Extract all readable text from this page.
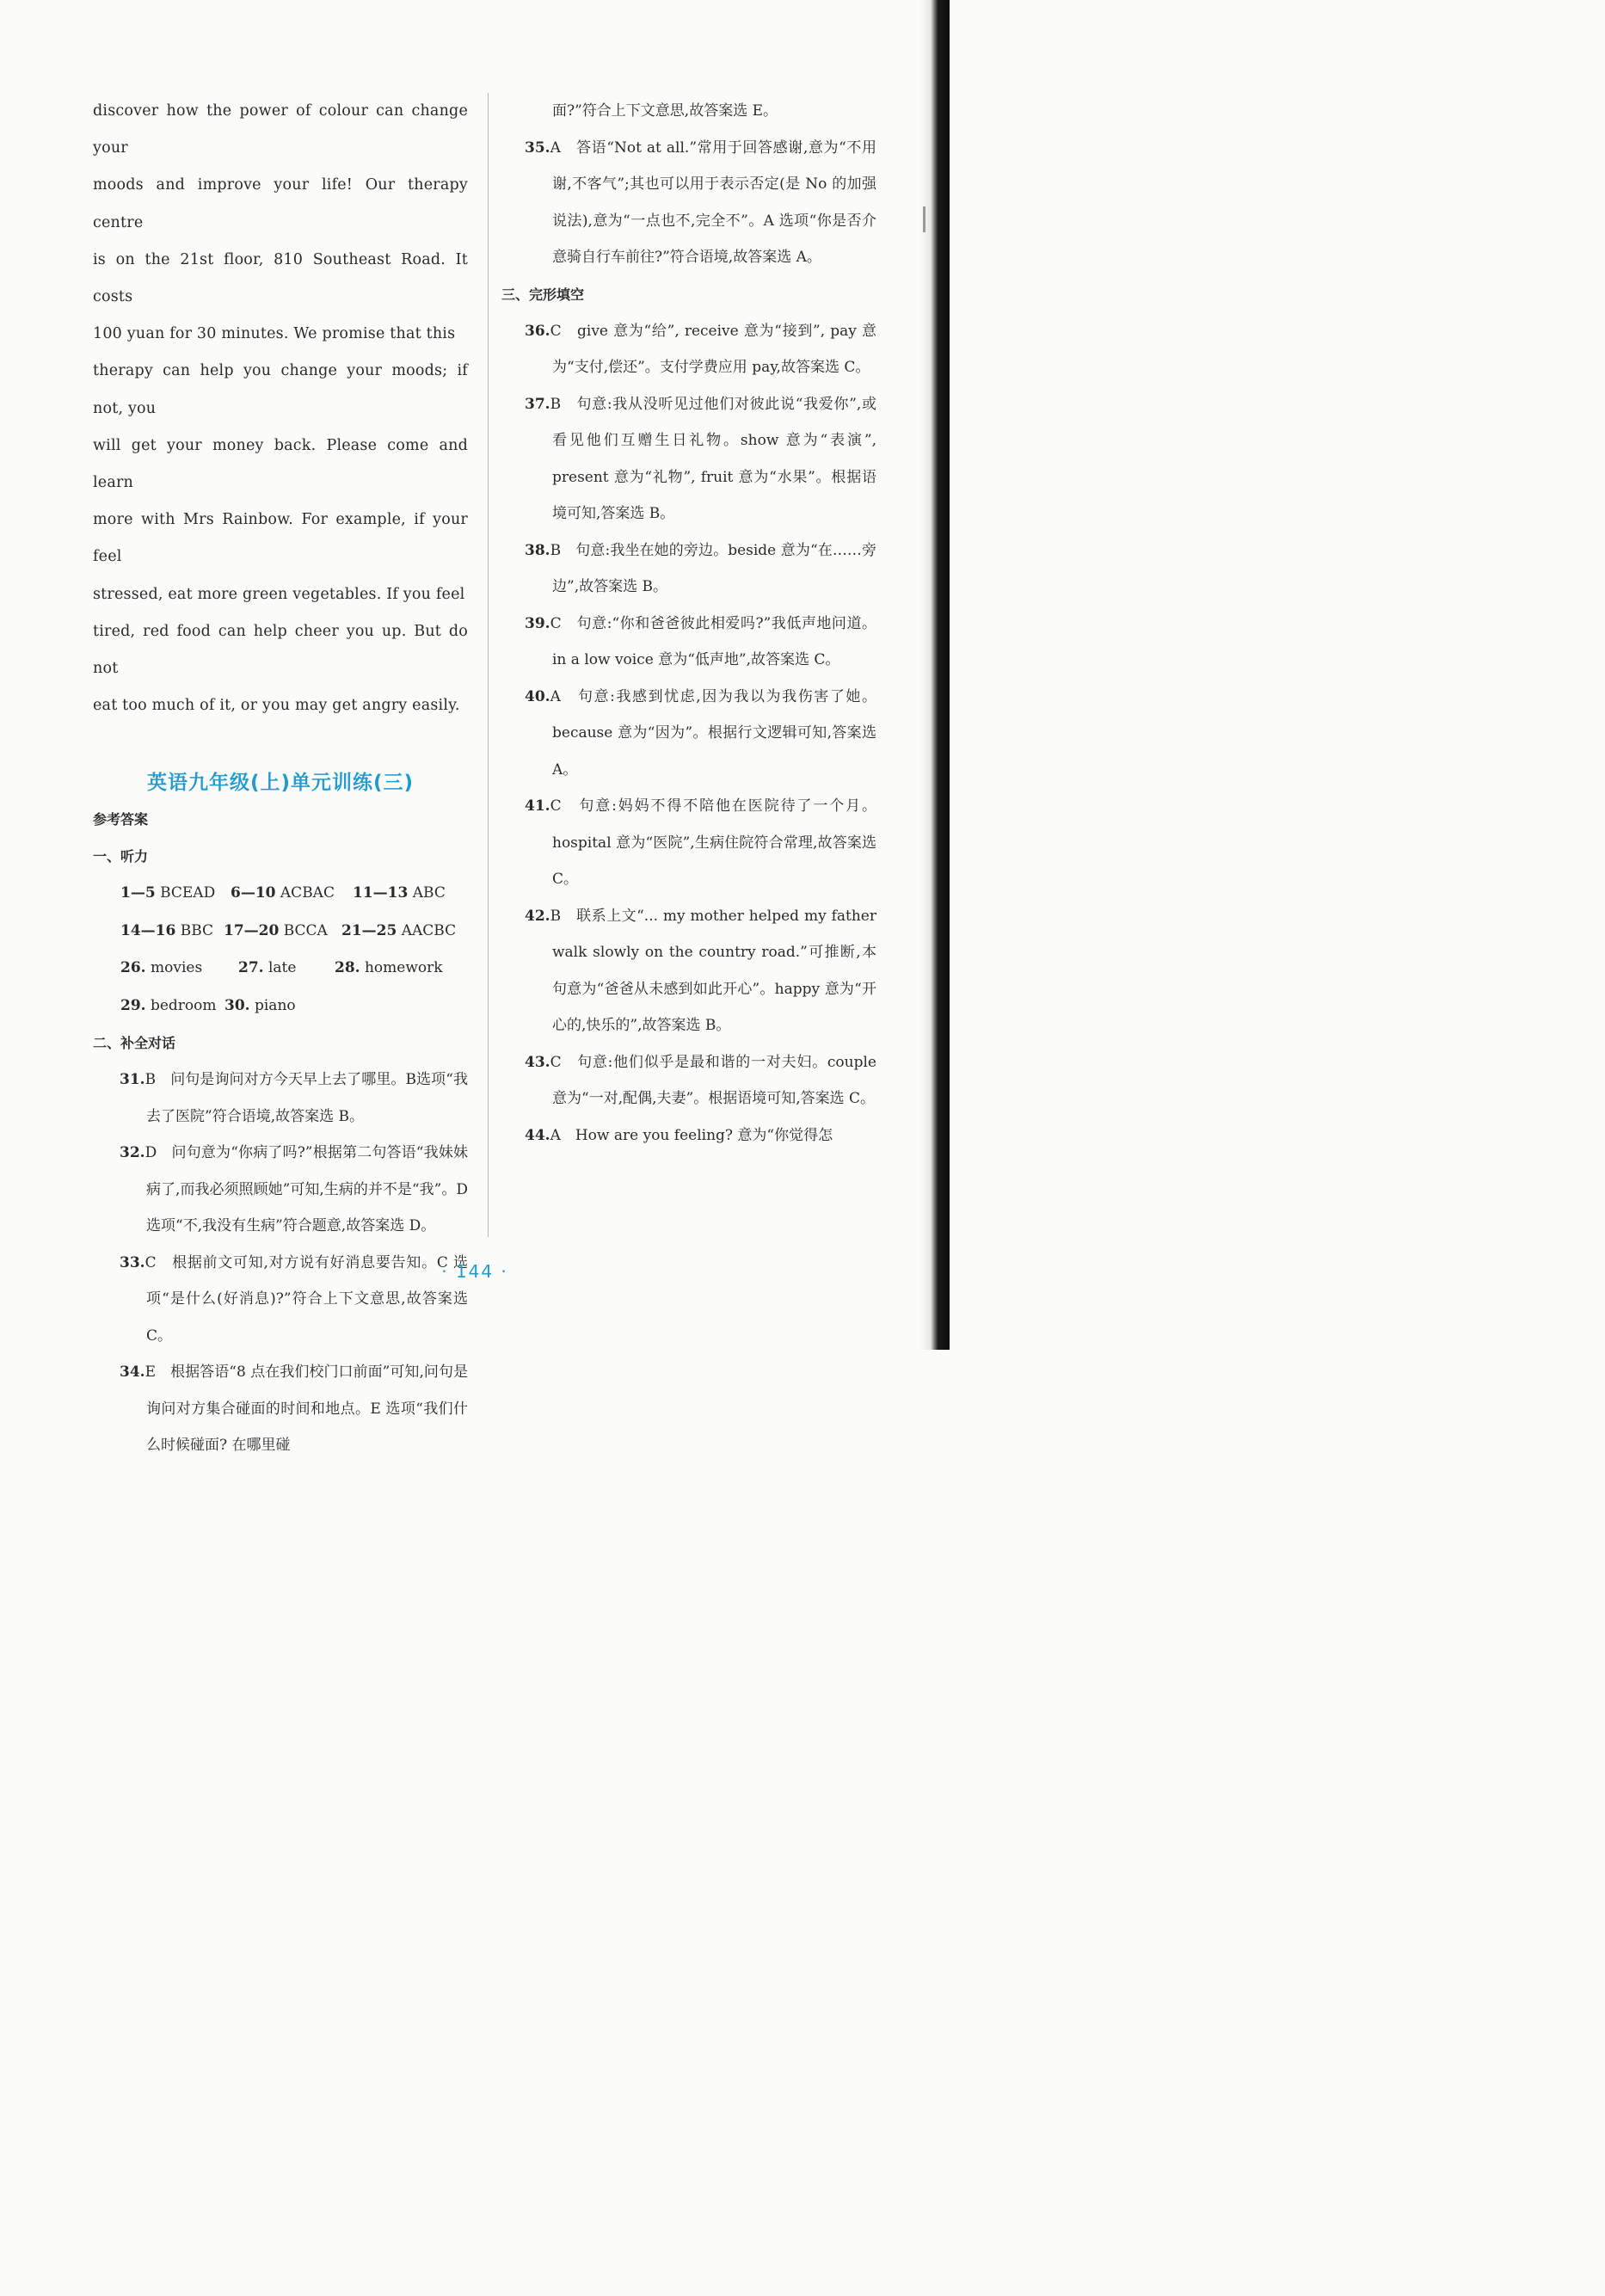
discover how the power of colour can change your

moods and improve your life! Our therapy centre

is on the 21st floor, 810 Southeast Road. It costs

100 yuan for 30 minutes. We promise that this

therapy can help you change your moods; if not, you

will get your money back. Please come and learn

more with Mrs Rainbow. For example, if your feel

stressed, eat more green vegetables. If you feel

tired, red food can help cheer you up. But do not

eat too much of it, or you may get angry easily.

英语九年级(上)单元训练(三)

参考答案

一、听力

1—5 BCEAD 6—10 ACBAC 11—13 ABC

14—16 BBC 17—20 BCCA 21—25 AACBC

26. movies 27. late	28. homework

29. bedroom 30. piano

二、补全对话

31.B　问句是询问对方今天早上去了哪里。B选项“我去了医院”符合语境,故答案选 B。

32.D　问句意为“你病了吗?”根据第二句答语“我妹妹病了,而我必须照顾她”可知,生病的并不是“我”。D 选项“不,我没有生病”符合题意,故答案选 D。

33.C　根据前文可知,对方说有好消息要告知。C 选项“是什么(好消息)?”符合上下文意思,故答案选 C。

34.E　根据答语“8 点在我们校门口前面”可知,问句是询问对方集合碰面的时间和地点。E 选项“我们什么时候碰面? 在哪里碰

面?”符合上下文意思,故答案选 E。

35.A　答语“Not at all.”常用于回答感谢,意为“不用谢,不客气”;其也可以用于表示否定(是 No 的加强说法),意为“一点也不,完全不”。A 选项“你是否介意骑自行车前往?”符合语境,故答案选 A。

三、完形填空

36.C　give 意为“给”, receive 意为“接到”, pay 意为“支付,偿还”。支付学费应用 pay,故答案选 C。

37.B　句意:我从没听见过他们对彼此说“我爱你”,或看见他们互赠生日礼物。show 意为“表演”, present 意为“礼物”, fruit 意为“水果”。根据语境可知,答案选 B。

38.B　句意:我坐在她的旁边。beside 意为“在……旁边”,故答案选 B。

39.C　句意:“你和爸爸彼此相爱吗?”我低声地问道。in a low voice 意为“低声地”,故答案选 C。

40.A　句意:我感到忧虑,因为我以为我伤害了她。because 意为“因为”。根据行文逻辑可知,答案选 A。

41.C　句意:妈妈不得不陪他在医院待了一个月。hospital 意为“医院”,生病住院符合常理,故答案选 C。

42.B　联系上文“... my mother helped my father walk slowly on the country road.”可推断,本句意为“爸爸从未感到如此开心”。happy 意为“开心的,快乐的”,故答案选 B。

43.C　句意:他们似乎是最和谐的一对夫妇。couple 意为“一对,配偶,夫妻”。根据语境可知,答案选 C。

44.A　How are you feeling? 意为“你觉得怎

· 144 ·
